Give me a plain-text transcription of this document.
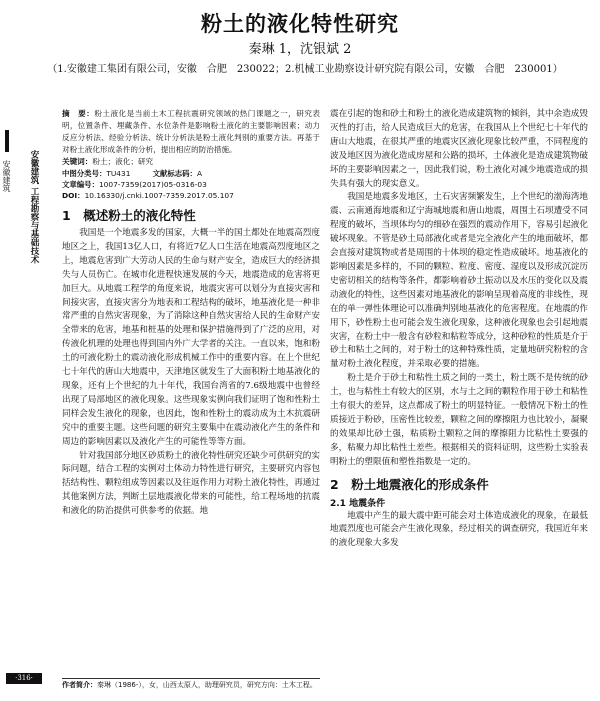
安徽建筑 安徽建筑 工程勘察与基础技术
粉土的液化特性研究
秦琳 1，沈银斌 2
（1.安徽建工集团有限公司，安徽　合肥　230022；2.机械工业勘察设计研究院有限公司，安徽　合肥　230001）

摘　要：粉土液化是当前土木工程抗震研究领域的热门课题之一，研究表明，位置条件、埋藏条件、水位条件是影响粉土液化的主要影响因素；动力反应分析法、经验分析法、统计分析法是粉土液化判别的重要方法。再基于对粉土液化形成条件的分析，提出相应的防治措施。

关键词：粉土；液化；研究

中图分类号：TU431　　　	文献标志码：A

文章编号：1007-7359(2017)05-0316-03

DOI：10.16330/j.cnki.1007-7359.2017.05.107

1　概述粉土的液化特性

我国是一个地震多发的国家，大概一半的国土都处在地震高烈度地区之上，我国13亿人口，有将近7亿人口生活在地震高烈度地区之上，地震危害到广大劳动人民的生命与财产安全，造成巨大的经济损失与人员伤亡。在城市化进程快速发展的今天，地震造成的危害将更加巨大。从地震工程学的角度来说，地震灾害可以划分为直接灾害和间接灾害，直接灾害分为地表和工程结构的破坏，地基液化是一种非常严重的自然灾害现象，为了消除这种自然灾害给人民的生命财产安全带来的危害，地基和桩基的处理和保护措施得到了广泛的应用，对传液化机理的处理也得到国内外广大学者的关注。一直以来，饱和粉土的可液化粉土的震动液化形成机械工作中的重要内容。在上个世纪七十年代的唐山大地震中，天津地区就发生了大面积粉土地基液化的现象，还有上个世纪的九十年代，我国台湾省的7.6级地震中也曾经出现了局部地区的液化现象。这些现象实例向我们证明了饱和性粉土同样会发生液化的现象，也因此，饱和性粉土的震动成为土木抗震研究中的重要主题。这些问题的研究主要集中在震动液化产生的条件和周边的影响因素以及液化产生的可能性等等方面。

针对我国部分地区砂质粉土的液化特性研究还缺少可供研究的实际问题，结合工程的实例对土体动力特性进行研究，主要研究内容包括结构性、颗粒组成等因素以及往返作用力对粉土液化特性，再通过其他案例方法，判断土层地震液化带来的可能性，给工程场地的抗震和液化的防治提供可供参考的依据。地

震在引起的饱和砂土和粉土的液化造成建筑物的倾斜，其中余造成毁灭性的打击，给人民造成巨大的危害，在我国从上个世纪七十年代的唐山大地震，在很其严重的地震灾区液化现象比较严重，不同程度的波及地区因为液化造成房屋和公路的损坏，土体液化是造成建筑物破坏的主要影响因素之一，因此我们说，粉土液化对减少地震造成的损失具有强大的现实意义。

我国是地震多发地区，土石灾害频繁发生，上个世纪的渤海湾地震、云南通海地震和辽宁海城地震和唐山地震，周围土石坝遭受不同程度的破坏，当坝体均匀的细砂在强烈的震动作用下，容易引起液化破坏现象。不管是砂土局部液化或者是完全液化产生的地面破坏，都会直接对建筑物或者是周围的十体坝的稳定性造成破坏。地基液化的影响因素是多样的，不同的颗粒、粒度、密度、湿度以及形成沉淀历史密切相关的结构等条件，都影响着砂土振动以及水压的变化以及震动液化的特性，这些因素对地基液化的影响呈现着高度的非线性，现在的单一弹性体理论可以准确判别地基液化的危害程度。在地震的作用下，砂性粉土也可能会发生液化现象，这种液化现象也会引起地震灾害，在粉土中一般含有砂粒和粘粒等成分，这种砂粒的性质是介于砂土和粘土之间的，对于粉土的这种特殊性质，定量地研究粉粒的含量对粉土液化程度，并采取必要的措施。

粉土是介于砂土和粘性土质之间的一类土，粉土既不是传统的砂土，也与粘性土有较大的区别，水与土之间的颗粒作用于砂土和粘性土有很大的差异，这点都成了粉土的明显特征。一般情况下粉土的性质接近于粉砂，压密性比较差，颗粒之间的摩擦阻力也比较小，凝聚的效果却比砂土强，粘质粉土颗粒之间的摩擦阻力比粘性土要强的多，粘聚力却比粘性土差些。根据相关的资料证明，这些粉土实验表明粉土的塑限值和塑性指数是一定的。

2　粉土地震液化的形成条件
2.1 地震条件

地震中产生的最大震中距可能会对土体造成液化的现象，在最低地震烈度也可能会产生液化现象，经过相关的调查研究，我国近年来的液化现象大多发

·316·
作者简介：秦琳（1986-），女，山西太原人，助理研究员，研究方向：土木工程。
